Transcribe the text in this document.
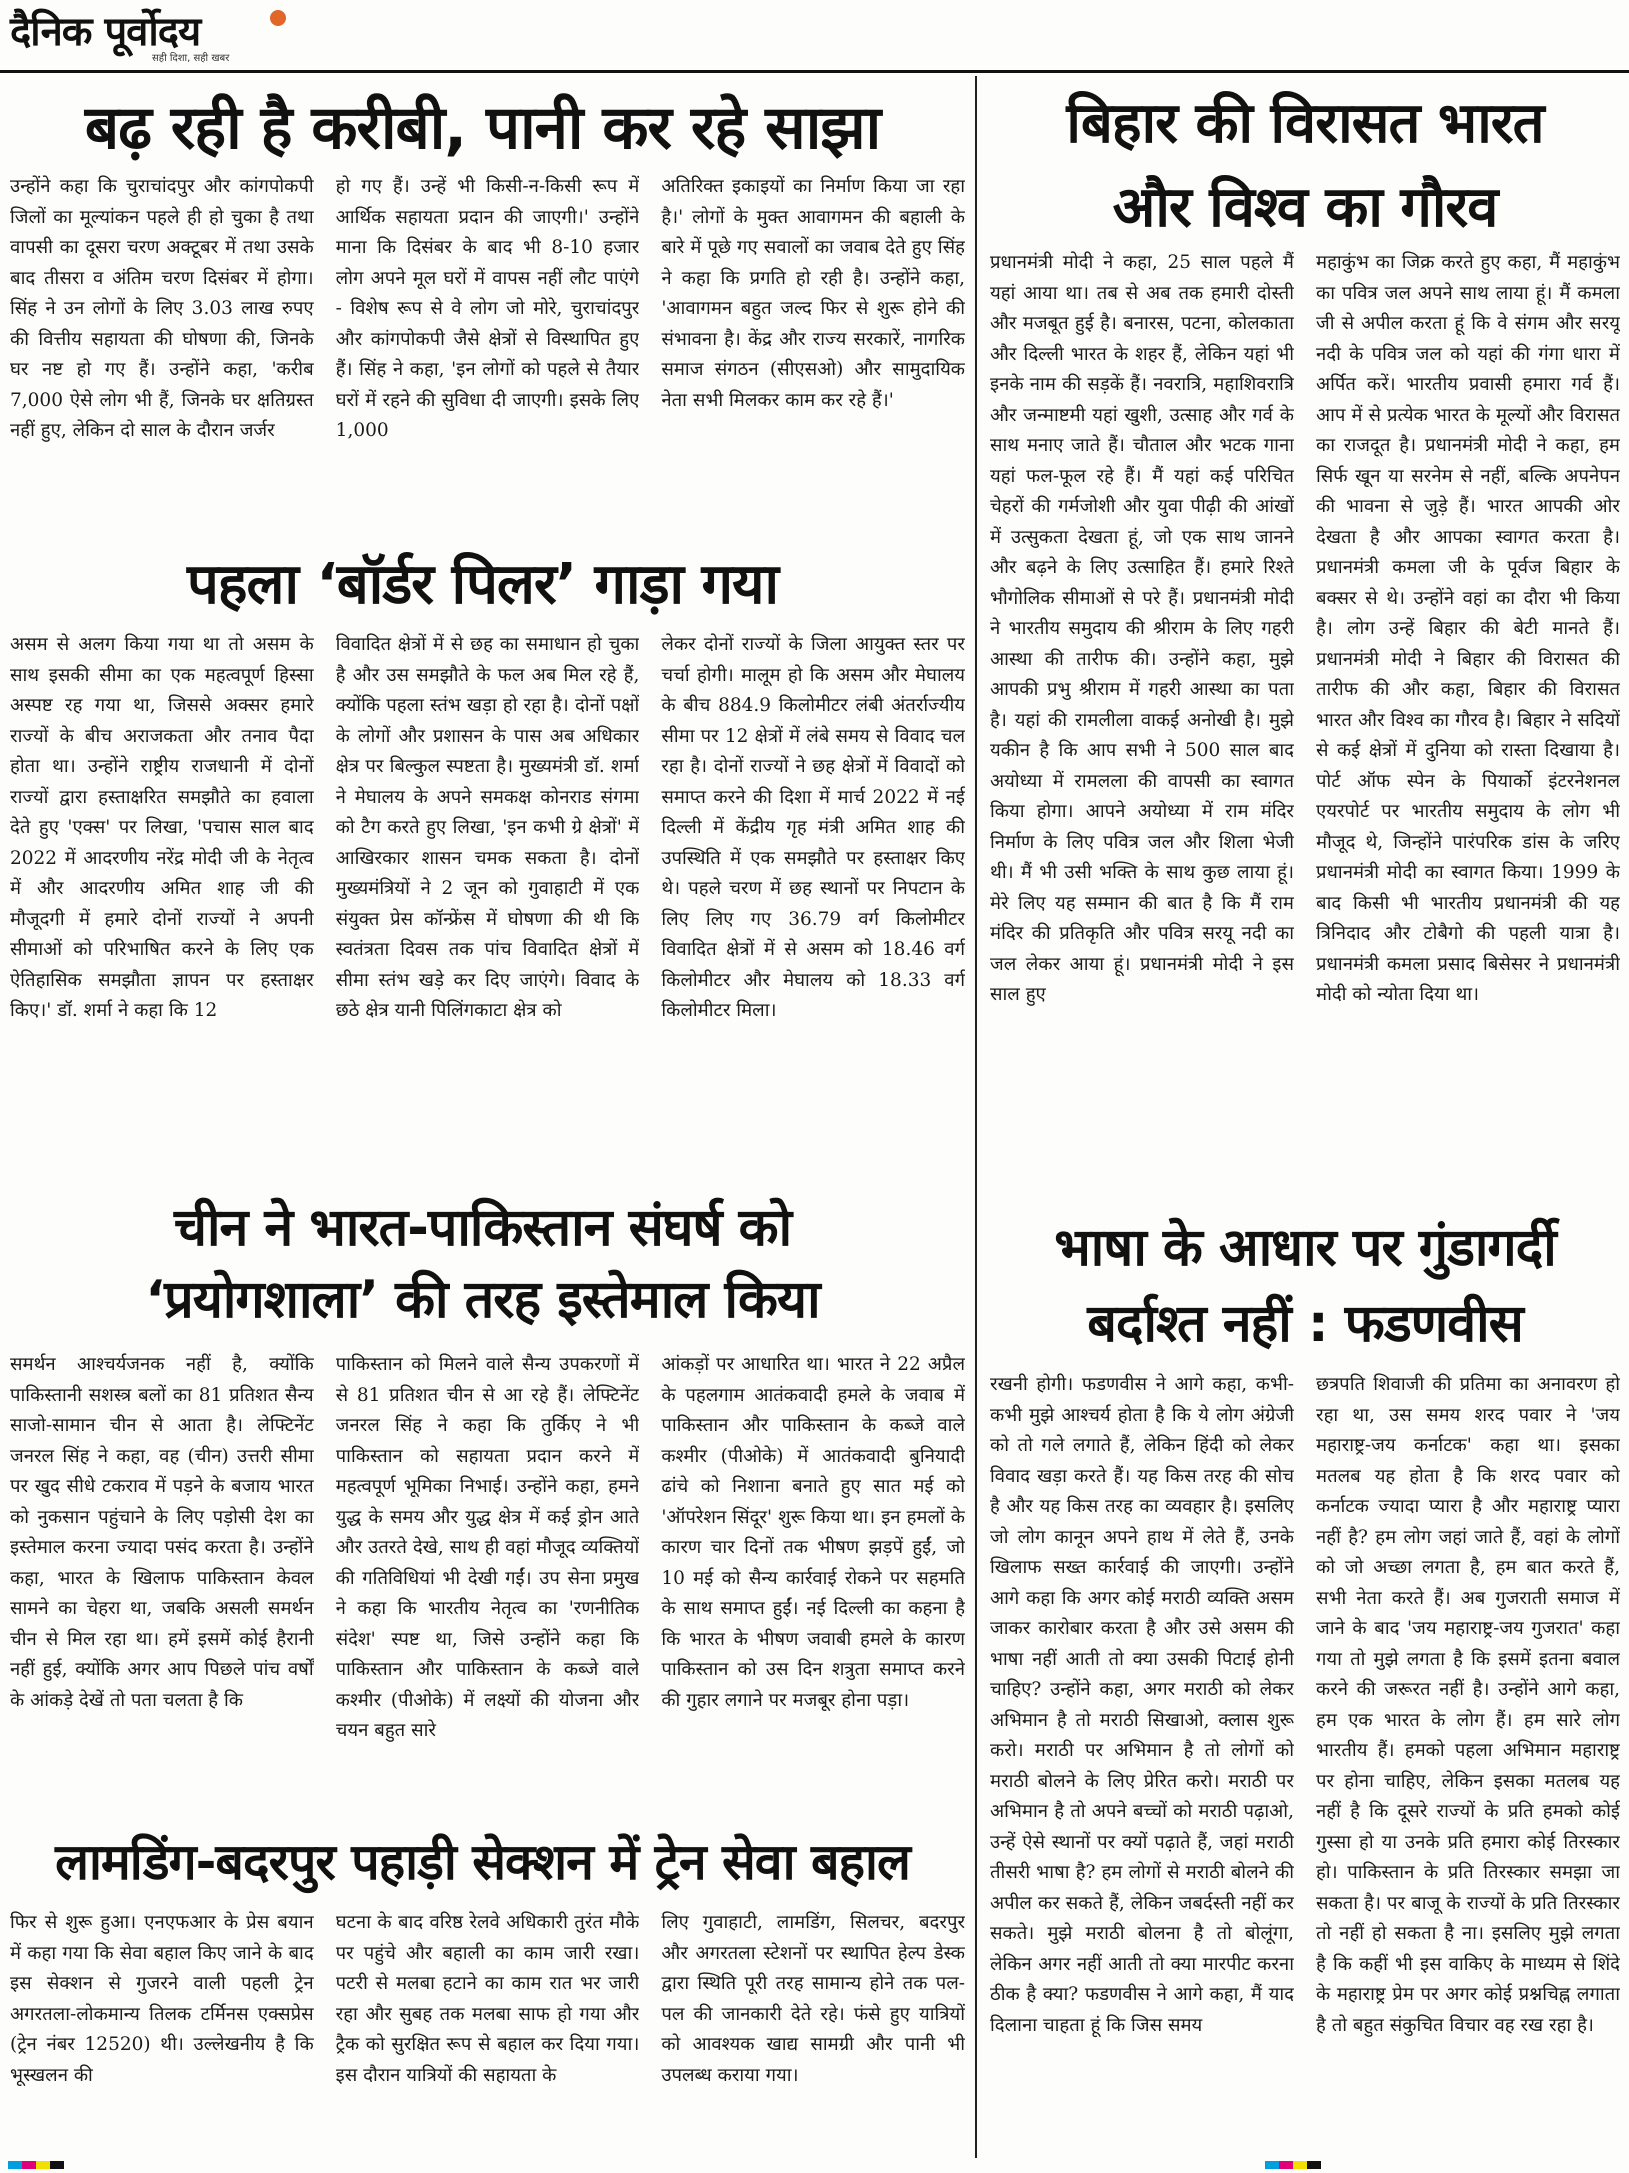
दैनिक पूर्वोदय
सही दिशा, सही खबर
बढ़ रही है करीबी, पानी कर रहे साझा

उन्होंने कहा कि चुराचांदपुर और कांगपोकपी जिलों का मूल्यांकन पहले ही हो चुका है तथा वापसी का दूसरा चरण अक्टूबर में तथा उसके बाद तीसरा व अंतिम चरण दिसंबर में होगा। सिंह ने उन लोगों के लिए 3.03 लाख रुपए की वित्तीय सहायता की घोषणा की, जिनके घर नष्ट हो गए हैं। उन्होंने कहा, 'करीब 7,000 ऐसे लोग भी हैं, जिनके घर क्षतिग्रस्त नहीं हुए, लेकिन दो साल के दौरान जर्जर

हो गए हैं। उन्हें भी किसी-न-किसी रूप में आर्थिक सहायता प्रदान की जाएगी।' उन्होंने माना कि दिसंबर के बाद भी 8-10 हजार लोग अपने मूल घरों में वापस नहीं लौट पाएंगे - विशेष रूप से वे लोग जो मोरे, चुराचांदपुर और कांगपोकपी जैसे क्षेत्रों से विस्थापित हुए हैं। सिंह ने कहा, 'इन लोगों को पहले से तैयार घरों में रहने की सुविधा दी जाएगी। इसके लिए 1,000

अतिरिक्त इकाइयों का निर्माण किया जा रहा है।' लोगों के मुक्त आवागमन की बहाली के बारे में पूछे गए सवालों का जवाब देते हुए सिंह ने कहा कि प्रगति हो रही है। उन्होंने कहा, 'आवागमन बहुत जल्द फिर से शुरू होने की संभावना है। केंद्र और राज्य सरकारें, नागरिक समाज संगठन (सीएसओ) और सामुदायिक नेता सभी मिलकर काम कर रहे हैं।'

पहला ‘बॉर्डर पिलर’ गाड़ा गया

असम से अलग किया गया था तो असम के साथ इसकी सीमा का एक महत्वपूर्ण हिस्सा अस्पष्ट रह गया था, जिससे अक्सर हमारे राज्यों के बीच अराजकता और तनाव पैदा होता था। उन्होंने राष्ट्रीय राजधानी में दोनों राज्यों द्वारा हस्ताक्षरित समझौते का हवाला देते हुए 'एक्स' पर लिखा, 'पचास साल बाद 2022 में आदरणीय नरेंद्र मोदी जी के नेतृत्व में और आदरणीय अमित शाह जी की मौजूदगी में हमारे दोनों राज्यों ने अपनी सीमाओं को परिभाषित करने के लिए एक ऐतिहासिक समझौता ज्ञापन पर हस्ताक्षर किए।' डॉ. शर्मा ने कहा कि 12

विवादित क्षेत्रों में से छह का समाधान हो चुका है और उस समझौते के फल अब मिल रहे हैं, क्योंकि पहला स्तंभ खड़ा हो रहा है। दोनों पक्षों के लोगों और प्रशासन के पास अब अधिकार क्षेत्र पर बिल्कुल स्पष्टता है। मुख्यमंत्री डॉ. शर्मा ने मेघालय के अपने समकक्ष कोनराड संगमा को टैग करते हुए लिखा, 'इन कभी ग्रे क्षेत्रों' में आखिरकार शासन चमक सकता है। दोनों मुख्यमंत्रियों ने 2 जून को गुवाहाटी में एक संयुक्त प्रेस कॉन्फ्रेंस में घोषणा की थी कि स्वतंत्रता दिवस तक पांच विवादित क्षेत्रों में सीमा स्तंभ खड़े कर दिए जाएंगे। विवाद के छठे क्षेत्र यानी पिलिंगकाटा क्षेत्र को

लेकर दोनों राज्यों के जिला आयुक्त स्तर पर चर्चा होगी। मालूम हो कि असम और मेघालय के बीच 884.9 किलोमीटर लंबी अंतर्राज्यीय सीमा पर 12 क्षेत्रों में लंबे समय से विवाद चल रहा है। दोनों राज्यों ने छह क्षेत्रों में विवादों को समाप्त करने की दिशा में मार्च 2022 में नई दिल्ली में केंद्रीय गृह मंत्री अमित शाह की उपस्थिति में एक समझौते पर हस्ताक्षर किए थे। पहले चरण में छह स्थानों पर निपटान के लिए लिए गए 36.79 वर्ग किलोमीटर विवादित क्षेत्रों में से असम को 18.46 वर्ग किलोमीटर और मेघालय को 18.33 वर्ग किलोमीटर मिला।

चीन ने भारत-पाकिस्तान संघर्ष को
‘प्रयोगशाला’ की तरह इस्तेमाल किया

समर्थन आश्चर्यजनक नहीं है, क्योंकि पाकिस्तानी सशस्त्र बलों का 81 प्रतिशत सैन्य साजो-सामान चीन से आता है। लेफ्टिनेंट जनरल सिंह ने कहा, वह (चीन) उत्तरी सीमा पर खुद सीधे टकराव में पड़ने के बजाय भारत को नुकसान पहुंचाने के लिए पड़ोसी देश का इस्तेमाल करना ज्यादा पसंद करता है। उन्होंने कहा, भारत के खिलाफ पाकिस्तान केवल सामने का चेहरा था, जबकि असली समर्थन चीन से मिल रहा था। हमें इसमें कोई हैरानी नहीं हुई, क्योंकि अगर आप पिछले पांच वर्षों के आंकड़े देखें तो पता चलता है कि

पाकिस्तान को मिलने वाले सैन्य उपकरणों में से 81 प्रतिशत चीन से आ रहे हैं। लेफ्टिनेंट जनरल सिंह ने कहा कि तुर्किए ने भी पाकिस्तान को सहायता प्रदान करने में महत्वपूर्ण भूमिका निभाई। उन्होंने कहा, हमने युद्ध के समय और युद्ध क्षेत्र में कई ड्रोन आते और उतरते देखे, साथ ही वहां मौजूद व्यक्तियों की गतिविधियां भी देखी गईं। उप सेना प्रमुख ने कहा कि भारतीय नेतृत्व का 'रणनीतिक संदेश' स्पष्ट था, जिसे उन्होंने कहा कि पाकिस्तान और पाकिस्तान के कब्जे वाले कश्मीर (पीओके) में लक्ष्यों की योजना और चयन बहुत सारे

आंकड़ों पर आधारित था। भारत ने 22 अप्रैल के पहलगाम आतंकवादी हमले के जवाब में पाकिस्तान और पाकिस्तान के कब्जे वाले कश्मीर (पीओके) में आतंकवादी बुनियादी ढांचे को निशाना बनाते हुए सात मई को 'ऑपरेशन सिंदूर' शुरू किया था। इन हमलों के कारण चार दिनों तक भीषण झड़पें हुईं, जो 10 मई को सैन्य कार्रवाई रोकने पर सहमति के साथ समाप्त हुईं। नई दिल्ली का कहना है कि भारत के भीषण जवाबी हमले के कारण पाकिस्तान को उस दिन शत्रुता समाप्त करने की गुहार लगाने पर मजबूर होना पड़ा।

लामडिंग-बदरपुर पहाड़ी सेक्शन में ट्रेन सेवा बहाल

फिर से शुरू हुआ। एनएफआर के प्रेस बयान में कहा गया कि सेवा बहाल किए जाने के बाद इस सेक्शन से गुजरने वाली पहली ट्रेन अगरतला-लोकमान्य तिलक टर्मिनस एक्सप्रेस (ट्रेन नंबर 12520) थी। उल्लेखनीय है कि भूस्खलन की

घटना के बाद वरिष्ठ रेलवे अधिकारी तुरंत मौके पर पहुंचे और बहाली का काम जारी रखा। पटरी से मलबा हटाने का काम रात भर जारी रहा और सुबह तक मलबा साफ हो गया और ट्रैक को सुरक्षित रूप से बहाल कर दिया गया। इस दौरान यात्रियों की सहायता के

लिए गुवाहाटी, लामडिंग, सिलचर, बदरपुर और अगरतला स्टेशनों पर स्थापित हेल्प डेस्क द्वारा स्थिति पूरी तरह सामान्य होने तक पल-पल की जानकारी देते रहे। फंसे हुए यात्रियों को आवश्यक खाद्य सामग्री और पानी भी उपलब्ध कराया गया।

बिहार की विरासत भारत
और विश्व का गौरव

प्रधानमंत्री मोदी ने कहा, 25 साल पहले मैं यहां आया था। तब से अब तक हमारी दोस्ती और मजबूत हुई है। बनारस, पटना, कोलकाता और दिल्ली भारत के शहर हैं, लेकिन यहां भी इनके नाम की सड़कें हैं। नवरात्रि, महाशिवरात्रि और जन्माष्टमी यहां खुशी, उत्साह और गर्व के साथ मनाए जाते हैं। चौताल और भटक गाना यहां फल-फूल रहे हैं। मैं यहां कई परिचित चेहरों की गर्मजोशी और युवा पीढ़ी की आंखों में उत्सुकता देखता हूं, जो एक साथ जानने और बढ़ने के लिए उत्साहित हैं। हमारे रिश्ते भौगोलिक सीमाओं से परे हैं। प्रधानमंत्री मोदी ने भारतीय समुदाय की श्रीराम के लिए गहरी आस्था की तारीफ की। उन्होंने कहा, मुझे आपकी प्रभु श्रीराम में गहरी आस्था का पता है। यहां की रामलीला वाकई अनोखी है। मुझे यकीन है कि आप सभी ने 500 साल बाद अयोध्या में रामलला की वापसी का स्वागत किया होगा। आपने अयोध्या में राम मंदिर निर्माण के लिए पवित्र जल और शिला भेजी थी। मैं भी उसी भक्ति के साथ कुछ लाया हूं। मेरे लिए यह सम्मान की बात है कि मैं राम मंदिर की प्रतिकृति और पवित्र सरयू नदी का जल लेकर आया हूं। प्रधानमंत्री मोदी ने इस साल हुए

महाकुंभ का जिक्र करते हुए कहा, मैं महाकुंभ का पवित्र जल अपने साथ लाया हूं। मैं कमला जी से अपील करता हूं कि वे संगम और सरयू नदी के पवित्र जल को यहां की गंगा धारा में अर्पित करें। भारतीय प्रवासी हमारा गर्व हैं। आप में से प्रत्येक भारत के मूल्यों और विरासत का राजदूत है। प्रधानमंत्री मोदी ने कहा, हम सिर्फ खून या सरनेम से नहीं, बल्कि अपनेपन की भावना से जुड़े हैं। भारत आपकी ओर देखता है और आपका स्वागत करता है। प्रधानमंत्री कमला जी के पूर्वज बिहार के बक्सर से थे। उन्होंने वहां का दौरा भी किया है। लोग उन्हें बिहार की बेटी मानते हैं। प्रधानमंत्री मोदी ने बिहार की विरासत की तारीफ की और कहा, बिहार की विरासत भारत और विश्व का गौरव है। बिहार ने सदियों से कई क्षेत्रों में दुनिया को रास्ता दिखाया है। पोर्ट ऑफ स्पेन के पियार्को इंटरनेशनल एयरपोर्ट पर भारतीय समुदाय के लोग भी मौजूद थे, जिन्होंने पारंपरिक डांस के जरिए प्रधानमंत्री मोदी का स्वागत किया। 1999 के बाद किसी भी भारतीय प्रधानमंत्री की यह त्रिनिदाद और टोबैगो की पहली यात्रा है। प्रधानमंत्री कमला प्रसाद बिसेसर ने प्रधानमंत्री मोदी को न्योता दिया था।

भाषा के आधार पर गुंडागर्दी
बर्दाश्त नहीं : फडणवीस

रखनी होगी। फडणवीस ने आगे कहा, कभी-कभी मुझे आश्चर्य होता है कि ये लोग अंग्रेजी को तो गले लगाते हैं, लेकिन हिंदी को लेकर विवाद खड़ा करते हैं। यह किस तरह की सोच है और यह किस तरह का व्यवहार है। इसलिए जो लोग कानून अपने हाथ में लेते हैं, उनके खिलाफ सख्त कार्रवाई की जाएगी। उन्होंने आगे कहा कि अगर कोई मराठी व्यक्ति असम जाकर कारोबार करता है और उसे असम की भाषा नहीं आती तो क्या उसकी पिटाई होनी चाहिए? उन्होंने कहा, अगर मराठी को लेकर अभिमान है तो मराठी सिखाओ, क्लास शुरू करो। मराठी पर अभिमान है तो लोगों को मराठी बोलने के लिए प्रेरित करो। मराठी पर अभिमान है तो अपने बच्चों को मराठी पढ़ाओ, उन्हें ऐसे स्थानों पर क्यों पढ़ाते हैं, जहां मराठी तीसरी भाषा है? हम लोगों से मराठी बोलने की अपील कर सकते हैं, लेकिन जबर्दस्ती नहीं कर सकते। मुझे मराठी बोलना है तो बोलूंगा, लेकिन अगर नहीं आती तो क्या मारपीट करना ठीक है क्या? फडणवीस ने आगे कहा, मैं याद दिलाना चाहता हूं कि जिस समय

छत्रपति शिवाजी की प्रतिमा का अनावरण हो रहा था, उस समय शरद पवार ने 'जय महाराष्ट्र-जय कर्नाटक' कहा था। इसका मतलब यह होता है कि शरद पवार को कर्नाटक ज्यादा प्यारा है और महाराष्ट्र प्यारा नहीं है? हम लोग जहां जाते हैं, वहां के लोगों को जो अच्छा लगता है, हम बात करते हैं, सभी नेता करते हैं। अब गुजराती समाज में जाने के बाद 'जय महाराष्ट्र-जय गुजरात' कहा गया तो मुझे लगता है कि इसमें इतना बवाल करने की जरूरत नहीं है। उन्होंने आगे कहा, हम एक भारत के लोग हैं। हम सारे लोग भारतीय हैं। हमको पहला अभिमान महाराष्ट्र पर होना चाहिए, लेकिन इसका मतलब यह नहीं है कि दूसरे राज्यों के प्रति हमको कोई गुस्सा हो या उनके प्रति हमारा कोई तिरस्कार हो। पाकिस्तान के प्रति तिरस्कार समझा जा सकता है। पर बाजू के राज्यों के प्रति तिरस्कार तो नहीं हो सकता है ना। इसलिए मुझे लगता है कि कहीं भी इस वाकिए के माध्यम से शिंदे के महाराष्ट्र प्रेम पर अगर कोई प्रश्नचिह्न लगाता है तो बहुत संकुचित विचार वह रख रहा है।
